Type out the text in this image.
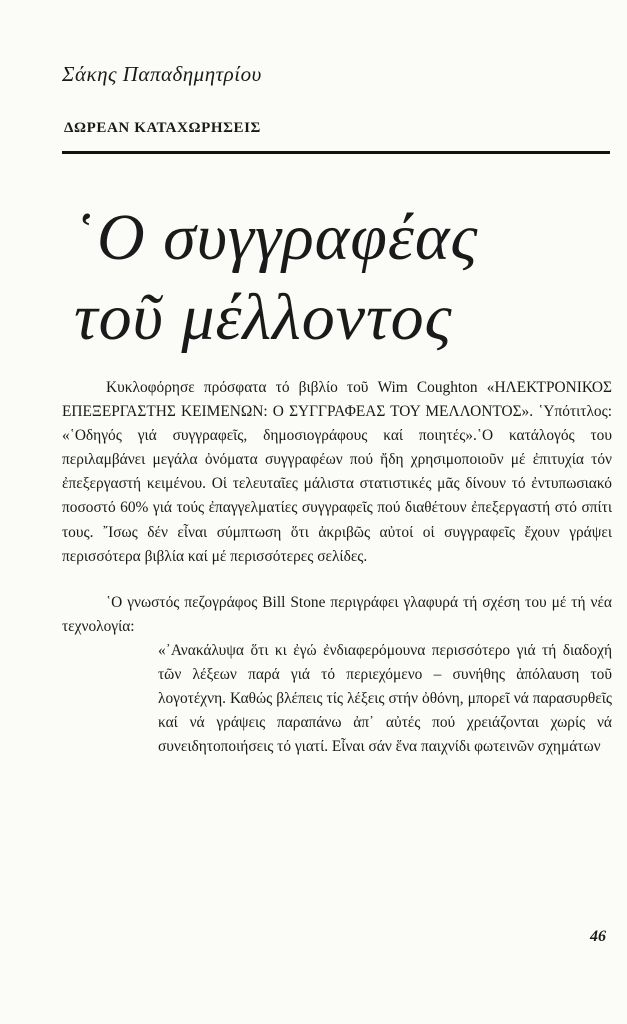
Σάκης Παπαδημητρίου
ΔΩΡΕΑΝ ΚΑΤΑΧΩΡΗΣΕΙΣ
῾Ο συγγραφέας
τοῦ μέλλοντος

Κυκλοφόρησε πρόσφατα τό βιβλίο τοῦ Wim Coughton «ΗΛΕΚΤΡΟΝΙΚΟΣ ΕΠΕΞΕΡΓΑΣΤΗΣ ΚΕΙΜΕΝΩΝ: Ο ΣΥΓΓΡΑΦΕΑΣ ΤΟΥ ΜΕΛΛΟΝΤΟΣ». ῾Υπότιτλος: «῾Οδηγός γιά συγγραφεῖς, δημοσιογράφους καί ποιητές».῾Ο κατάλογός του περιλαμβάνει μεγάλα ὀνόματα συγγραφέων πού ἤδη χρησιμοποιοῦν μέ ἐπιτυχία τόν ἐπεξεργαστή κειμένου. Οἱ τελευταῖες μάλιστα στατιστικές μᾶς δίνουν τό ἐντυπωσιακό ποσοστό 60% γιά τούς ἐπαγγελματίες συγγραφεῖς πού διαθέτουν ἐπεξεργαστή στό σπίτι τους. ῎Ισως δέν εἶναι σύμπτωση ὅτι ἀκριβῶς αὐτοί οἱ συγγραφεῖς ἔχουν γράψει περισσότερα βιβλία καί μέ περισσότερες σελίδες.

῾Ο γνωστός πεζογράφος Bill Stone περιγράφει γλαφυρά τή σχέση του μέ τή νέα τεχνολογία:

«᾿Ανακάλυψα ὅτι κι ἐγώ ἐνδιαφερόμουνα περισσότερο γιά τή διαδοχή τῶν λέξεων παρά γιά τό περιεχόμενο – συνήθης ἀπόλαυση τοῦ λογοτέχνη. Καθώς βλέπεις τίς λέξεις στήν ὀθόνη, μπορεῖ νά παρασυρθεῖς καί νά γράψεις παραπάνω ἀπ᾿ αὐτές πού χρειάζονται χωρίς νά συνειδητοποιήσεις τό γιατί. Εἶναι σάν ἕνα παιχνίδι φωτεινῶν σχημάτων

46
